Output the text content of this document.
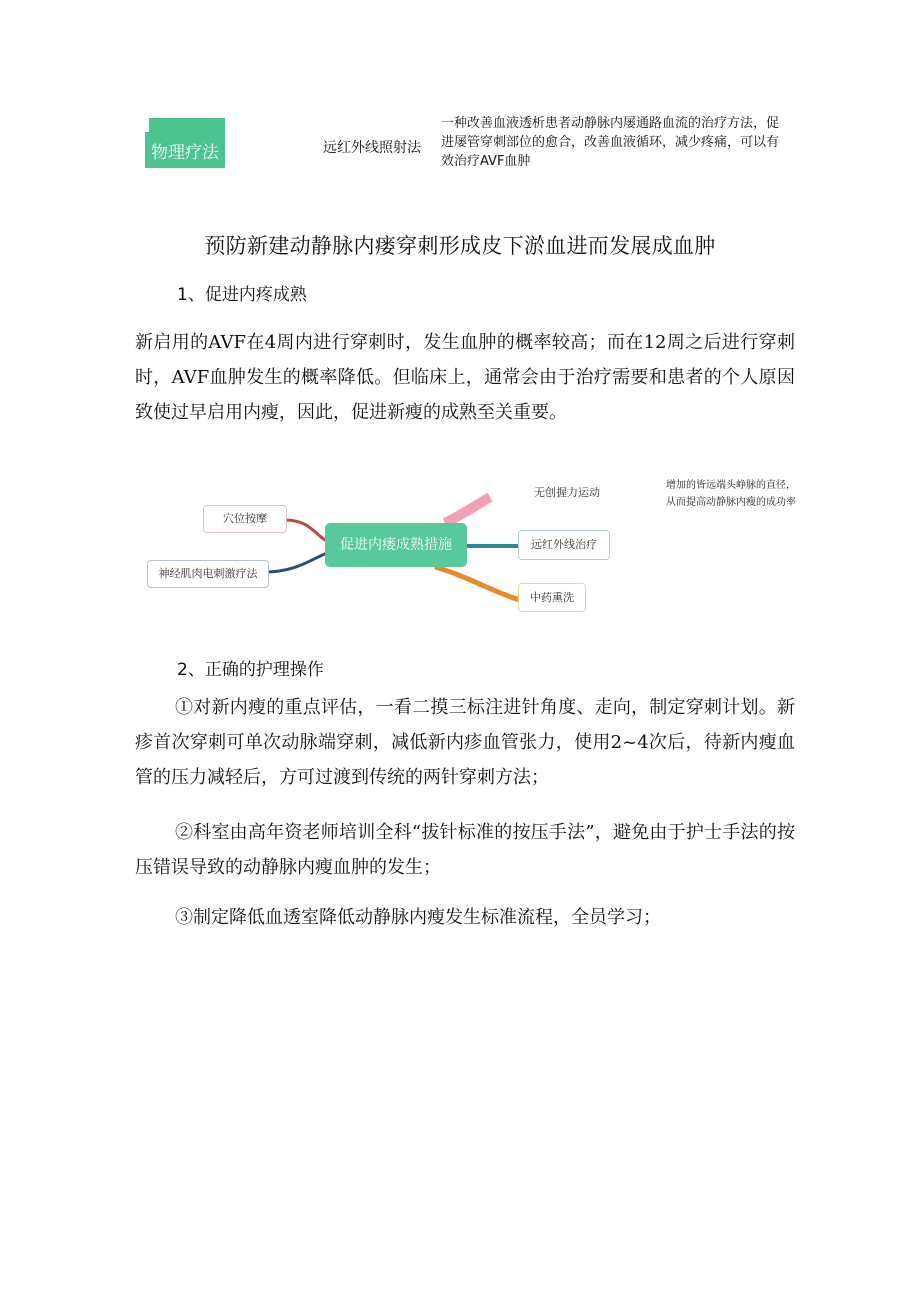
物理疗法	远红外线照射法
一种改善血液透析患者动静脉内屡通路血流的治疗方法，促进屡管穿刺部位的愈合，改善血液循环，减少疼痛，可以有效治疗AVF血肿
预防新建动静脉内瘘穿刺形成皮下淤血进而发展成血肿
1、促进内疼成熟
新启用的AVF在4周内进行穿刺时，发生血肿的概率较高；而在12周之后进行穿刺时，AVF血肿发生的概率降低。但临床上，通常会由于治疗需要和患者的个人原因致使过早启用内瘦，因此，促进新瘦的成熟至关重要。
穴位按摩
神经肌肉电刺激疗法
促进内瘘成熟措施
无创握力运动
远红外线治疗
中药熏洗
增加的皆远端头峥脉的直径，
从而提高动静脉内瘦的成功率
2、正确的护理操作
①对新内瘦的重点评估，一看二摸三标注进针角度、走向，制定穿刺计划。新疹首次穿刺可单次动脉端穿刺，减低新内疹血管张力，使用2~4次后，待新内瘦血管的压力减轻后，方可过渡到传统的两针穿刺方法；
②科室由高年资老师培训全科“拔针标准的按压手法”，避免由于护士手法的按压错误导致的动静脉内瘦血肿的发生；
③制定降低血透室降低动静脉内瘦发生标准流程，全员学习；
